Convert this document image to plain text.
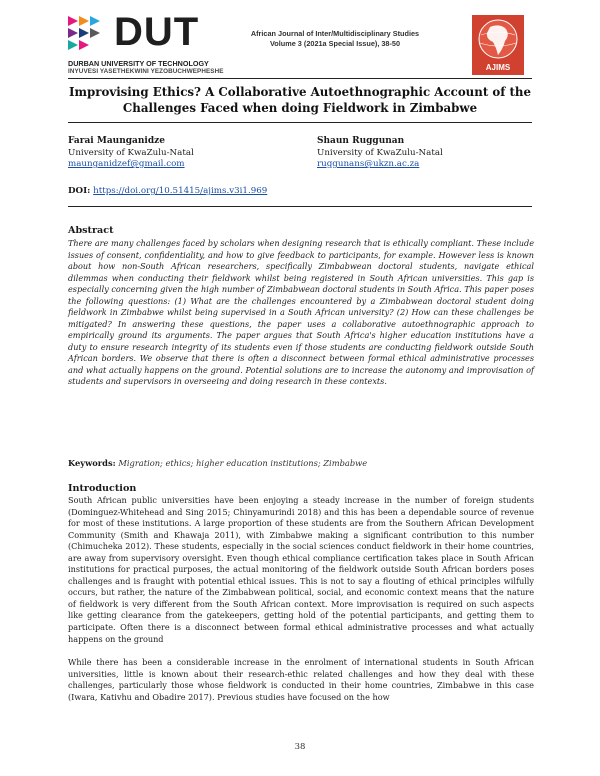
DUT
DURBAN UNIVERSITY OF TECHNOLOGY
INYUVESI YASETHEKWINI YEZOBUCHWEPHESHE
African Journal of Inter/Multidisciplinary Studies
Volume 3 (2021a Special Issue), 38-50
AJIMS
Improvising Ethics? A Collaborative Autoethnographic Account of the
Challenges Faced when doing Fieldwork in Zimbabwe
Farai Maunganidze
University of KwaZulu-Natal
maunganidzef@gmail.com
Shaun Ruggunan
University of KwaZulu-Natal
ruggunans@ukzn.ac.za
DOI: https://doi.org/10.51415/ajims.v3i1.969
Abstract
There are many challenges faced by scholars when designing research that is ethically compliant. These include issues of consent, confidentiality, and how to give feedback to participants, for example. However less is known about how non-South African researchers, specifically Zimbabwean doctoral students, navigate ethical dilemmas when conducting their fieldwork whilst being registered in South African universities. This gap is especially concerning given the high number of Zimbabwean doctoral students in South Africa. This paper poses the following questions: (1) What are the challenges encountered by a Zimbabwean doctoral student doing fieldwork in Zimbabwe whilst being supervised in a South African university? (2) How can these challenges be mitigated? In answering these questions, the paper uses a collaborative autoethnographic approach to empirically ground its arguments. The paper argues that South Africa's higher education institutions have a duty to ensure research integrity of its students even if those students are conducting fieldwork outside South African borders. We observe that there is often a disconnect between formal ethical administrative processes and what actually happens on the ground. Potential solutions are to increase the autonomy and improvisation of students and supervisors in overseeing and doing research in these contexts.
Keywords: Migration; ethics; higher education institutions; Zimbabwe
Introduction
South African public universities have been enjoying a steady increase in the number of foreign students (Dominguez-Whitehead and Sing 2015; Chinyamurindi 2018) and this has been a dependable source of revenue for most of these institutions. A large proportion of these students are from the Southern African Development Community (Smith and Khawaja 2011), with Zimbabwe making a significant contribution to this number (Chimucheka 2012). These students, especially in the social sciences conduct fieldwork in their home countries, are away from supervisory oversight. Even though ethical compliance certification takes place in South African institutions for practical purposes, the actual monitoring of the fieldwork outside South African borders poses challenges and is fraught with potential ethical issues. This is not to say a flouting of ethical principles wilfully occurs, but rather, the nature of the Zimbabwean political, social, and economic context means that the nature of fieldwork is very different from the South African context. More improvisation is required on such aspects like getting clearance from the gatekeepers, getting hold of the potential participants, and getting them to participate. Often there is a disconnect between formal ethical administrative processes and what actually happens on the ground
While there has been a considerable increase in the enrolment of international students in South African universities, little is known about their research-ethic related challenges and how they deal with these challenges, particularly those whose fieldwork is conducted in their home countries, Zimbabwe in this case (Iwara, Kativhu and Obadire 2017). Previous studies have focused on the how
38
